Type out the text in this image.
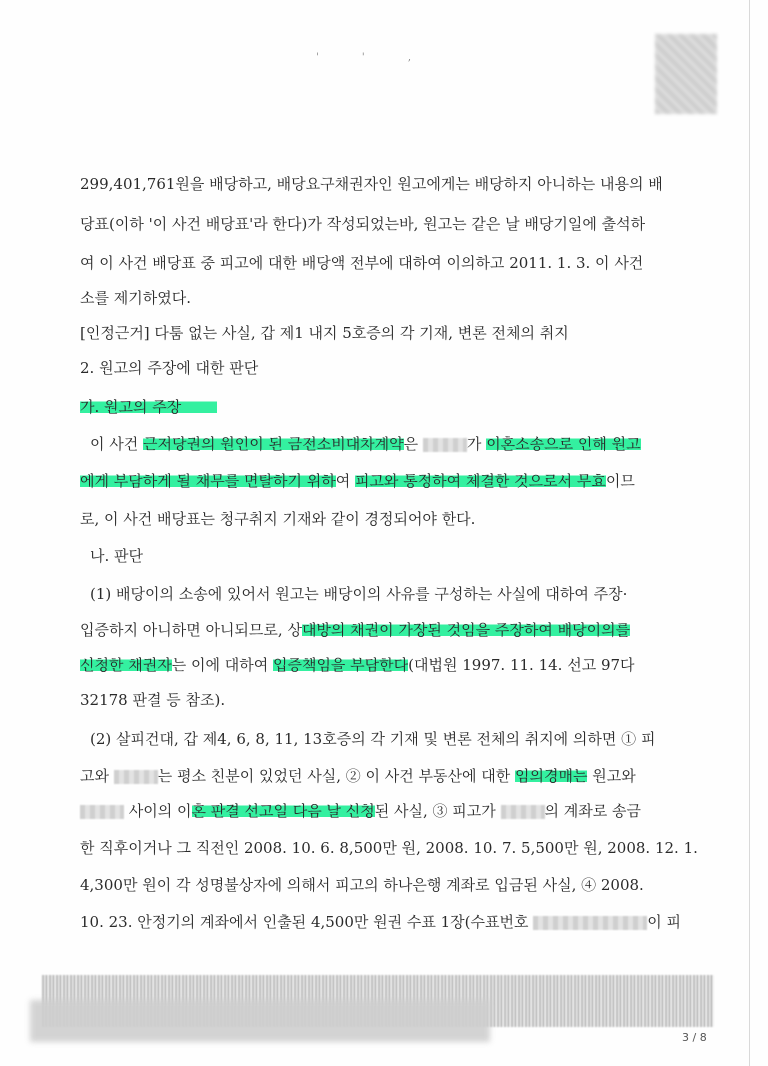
' ' ,
299,401,761원을 배당하고, 배당요구채권자인 원고에게는 배당하지 아니하는 내용의 배
당표(이하 '이 사건 배당표'라 한다)가 작성되었는바, 원고는 같은 날 배당기일에 출석하
여 이 사건 배당표 중 피고에 대한 배당액 전부에 대하여 이의하고 2011. 1. 3. 이 사건
소를 제기하였다.
[인정근거] 다툼 없는 사실, 갑 제1 내지 5호증의 각 기재, 변론 전체의 취지
2. 원고의 주장에 대한 판단
가. 원고의 주장
이 사건 근저당권의 원인이 된 금전소비대차계약은	가 이혼소송으로 인해 원고
에게 부담하게 될 채무를 면탈하기 위하여 피고와 통정하여 체결한 것으로서 무효이므
로, 이 사건 배당표는 청구취지 기재와 같이 경정되어야 한다.
나. 판단
(1) 배당이의 소송에 있어서 원고는 배당이의 사유를 구성하는 사실에 대하여 주장·
입증하지 아니하면 아니되므로, 상대방의 채권이 가장된 것임을 주장하여 배당이의를
신청한 채권자는 이에 대하여 입증책임을 부담한다(대법원 1997. 11. 14. 선고 97다
32178 판결 등 참조).
(2) 살피건대, 갑 제4, 6, 8, 11, 13호증의 각 기재 및 변론 전체의 취지에 의하면 ① 피
고와	는 평소 친분이 있었던 사실, ② 이 사건 부동산에 대한 임의경매는 원고와
사이의 이혼 판결 선고일 다음 날 신청된 사실, ③ 피고가	의 계좌로 송금
한 직후이거나 그 직전인 2008. 10. 6. 8,500만 원, 2008. 10. 7. 5,500만 원, 2008. 12. 1.
4,300만 원이 각 성명불상자에 의해서 피고의 하나은행 계좌로 입금된 사실, ④ 2008.
10. 23. 안정기의 계좌에서 인출된 4,500만 원권 수표 1장(수표번호	이 피
3 / 8
